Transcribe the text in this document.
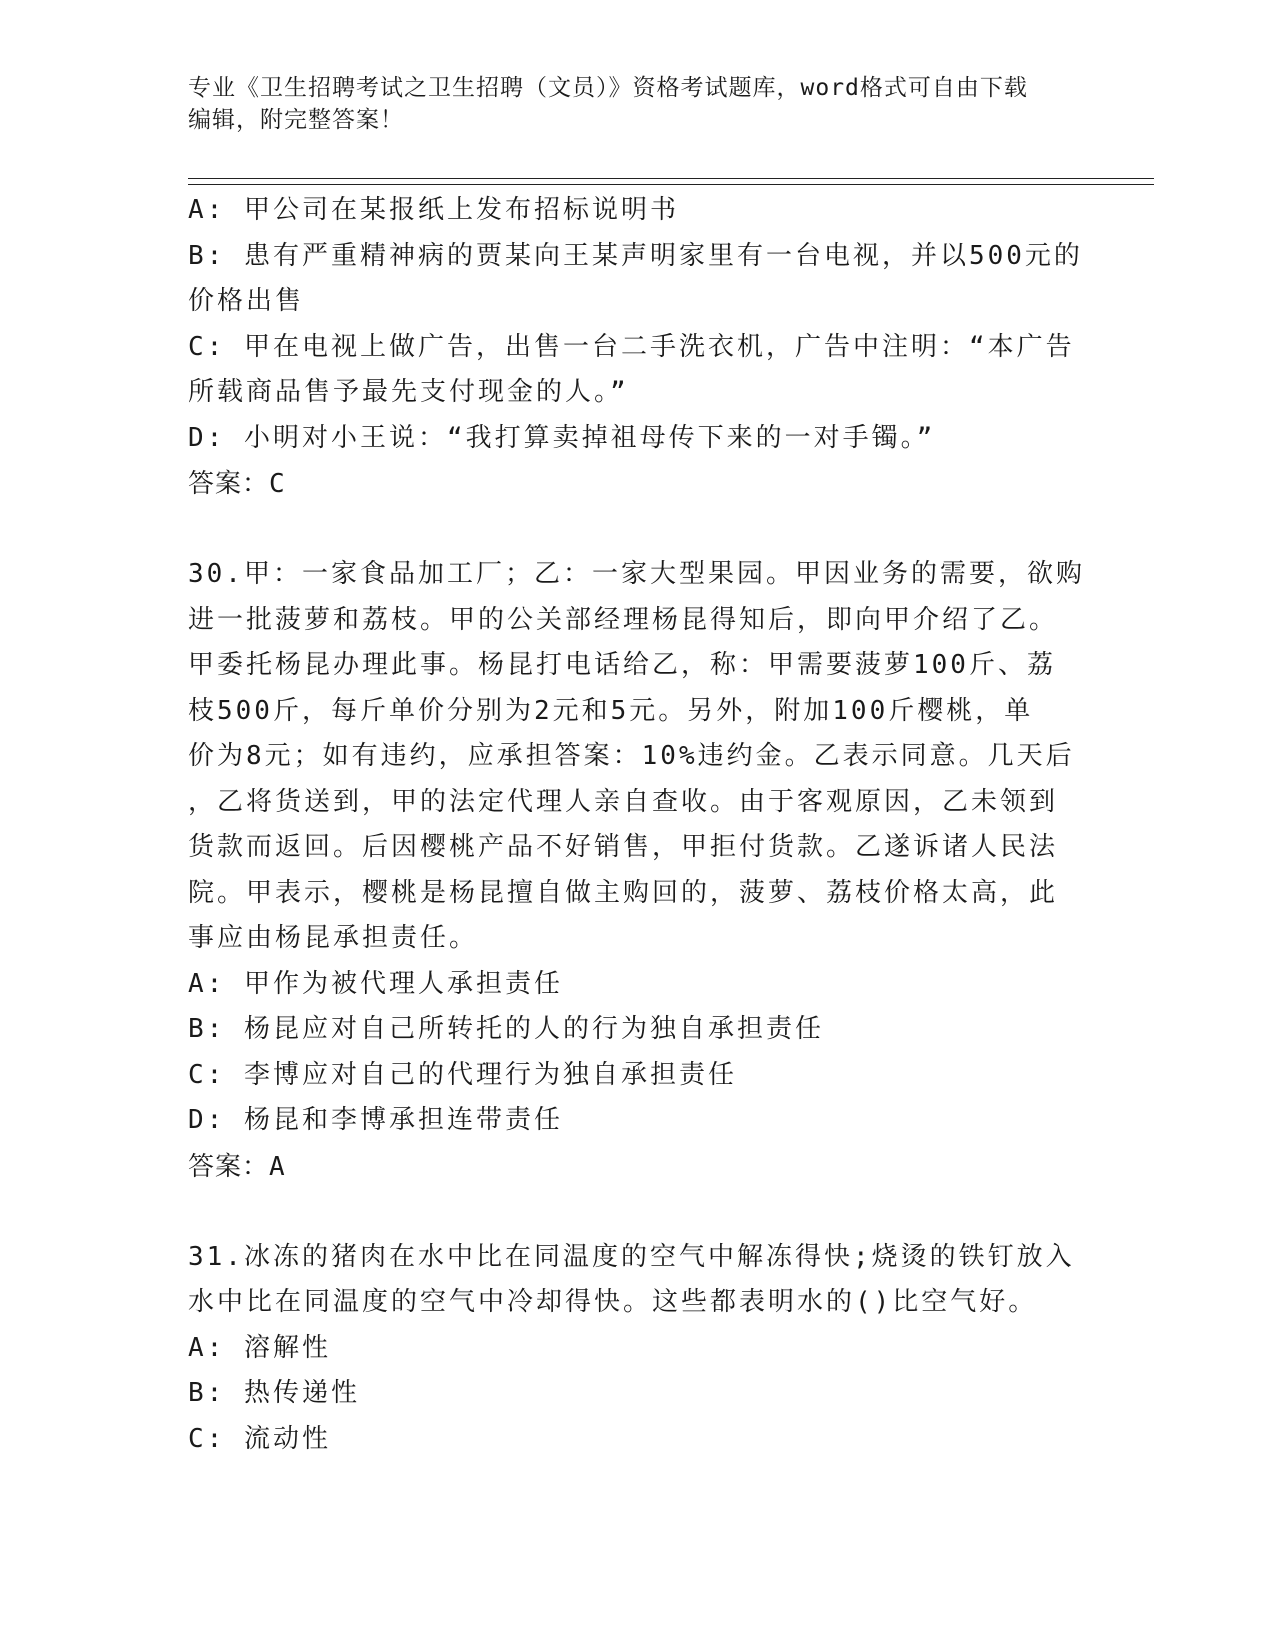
专业《卫生招聘考试之卫生招聘（文员）》资格考试题库，word格式可自由下载
编辑，附完整答案！
A: 甲公司在某报纸上发布招标说明书
B: 患有严重精神病的贾某向王某声明家里有一台电视，并以500元的
价格出售
C: 甲在电视上做广告，出售一台二手洗衣机，广告中注明：“本广告
所载商品售予最先支付现金的人。”
D: 小明对小王说：“我打算卖掉祖母传下来的一对手镯。”
答案：C
30.甲：一家食品加工厂；乙：一家大型果园。甲因业务的需要，欲购
进一批菠萝和荔枝。甲的公关部经理杨昆得知后，即向甲介绍了乙。
甲委托杨昆办理此事。杨昆打电话给乙，称：甲需要菠萝100斤、荔
枝500斤，每斤单价分别为2元和5元。另外，附加100斤樱桃，单
价为8元；如有违约，应承担答案：10%违约金。乙表示同意。几天后
，乙将货送到，甲的法定代理人亲自查收。由于客观原因，乙未领到
货款而返回。后因樱桃产品不好销售，甲拒付货款。乙遂诉诸人民法
院。甲表示，樱桃是杨昆擅自做主购回的，菠萝、荔枝价格太高，此
事应由杨昆承担责任。
A: 甲作为被代理人承担责任
B: 杨昆应对自己所转托的人的行为独自承担责任
C: 李博应对自己的代理行为独自承担责任
D: 杨昆和李博承担连带责任
答案：A
31.冰冻的猪肉在水中比在同温度的空气中解冻得快;烧烫的铁钉放入
水中比在同温度的空气中冷却得快。这些都表明水的()比空气好。
A: 溶解性
B: 热传递性
C: 流动性
